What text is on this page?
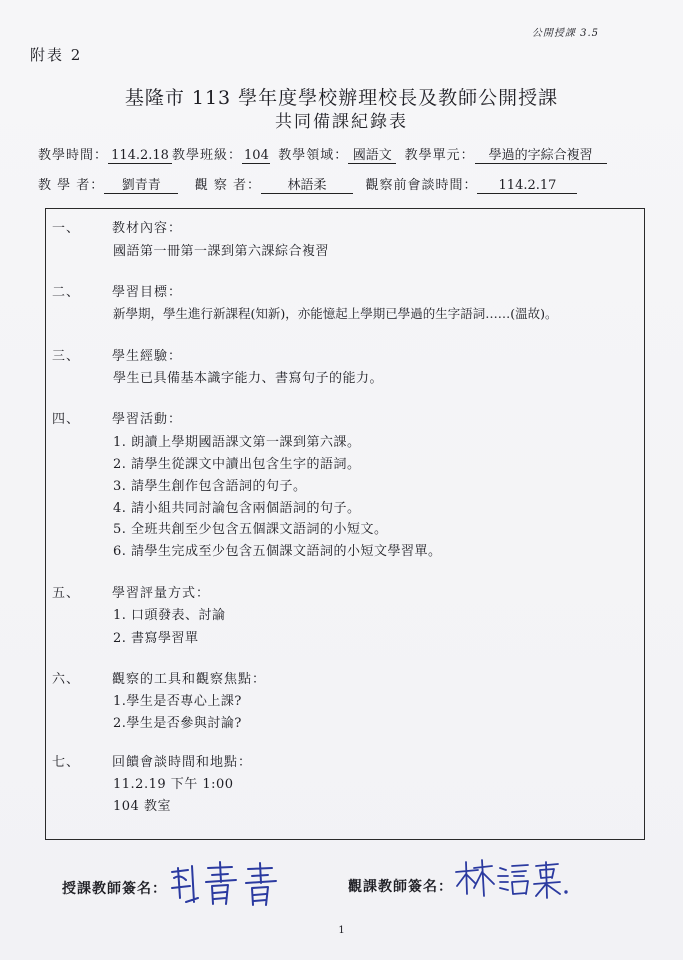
公開授課 3.5
附表 2
基隆市 113 學年度學校辦理校長及教師公開授課
共同備課紀錄表
教學時間： 114.2.18 教學班級： 104 教學領域： 國語文 教學單元： 學過的字綜合複習
教 學 者： 劉青青	觀 察 者： 林語柔	觀察前會談時間： 114.2.17
一、 教材內容：
國語第一冊第一課到第六課綜合複習
二、 學習目標：
新學期，學生進行新課程(知新)，亦能憶起上學期已學過的生字語詞……(溫故)。
三、 學生經驗：
學生已具備基本識字能力、書寫句子的能力。
四、 學習活動：
1. 朗讀上學期國語課文第一課到第六課。
2. 請學生從課文中讀出包含生字的語詞。
3. 請學生創作包含語詞的句子。
4. 請小組共同討論包含兩個語詞的句子。
5. 全班共創至少包含五個課文語詞的小短文。
6. 請學生完成至少包含五個課文語詞的小短文學習單。
五、 學習評量方式：
1. 口頭發表、討論
2. 書寫學習單
六、 觀察的工具和觀察焦點：
1.學生是否專心上課?
2.學生是否參與討論?
七、 回饋會談時間和地點：
11.2.19 下午 1:00
104 教室
授課教師簽名：	觀課教師簽名：
1
